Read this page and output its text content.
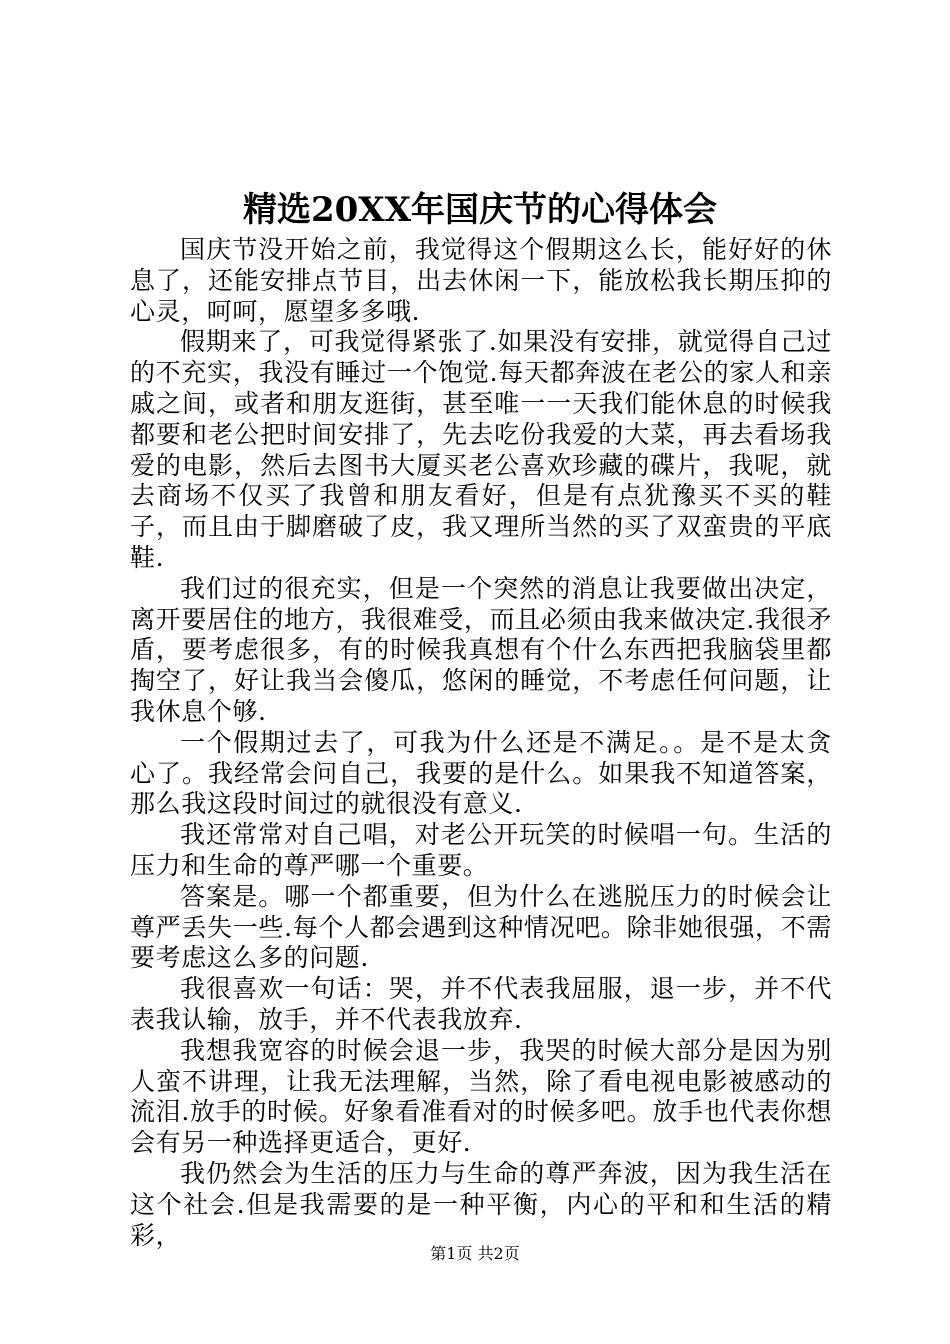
精选20XX年国庆节的心得体会

国庆节没开始之前，我觉得这个假期这么长，能好好的休息了，还能安排点节目，出去休闲一下，能放松我长期压抑的心灵，呵呵，愿望多多哦.

假期来了，可我觉得紧张了.如果没有安排，就觉得自己过的不充实，我没有睡过一个饱觉.每天都奔波在老公的家人和亲戚之间，或者和朋友逛街，甚至唯一一天我们能休息的时候我都要和老公把时间安排了，先去吃份我爱的大菜，再去看场我爱的电影，然后去图书大厦买老公喜欢珍藏的碟片，我呢，就去商场不仅买了我曾和朋友看好，但是有点犹豫买不买的鞋子，而且由于脚磨破了皮，我又理所当然的买了双蛮贵的平底鞋.

我们过的很充实，但是一个突然的消息让我要做出决定，离开要居住的地方，我很难受，而且必须由我来做决定.我很矛盾，要考虑很多，有的时候我真想有个什么东西把我脑袋里都掏空了，好让我当会傻瓜，悠闲的睡觉，不考虑任何问题，让我休息个够.

一个假期过去了，可我为什么还是不满足。。是不是太贪心了。我经常会问自己，我要的是什么。如果我不知道答案，那么我这段时间过的就很没有意义.

我还常常对自己唱，对老公开玩笑的时候唱一句。生活的压力和生命的尊严哪一个重要。

答案是。哪一个都重要，但为什么在逃脱压力的时候会让尊严丢失一些.每个人都会遇到这种情况吧。除非她很强，不需要考虑这么多的问题.

我很喜欢一句话：哭，并不代表我屈服，退一步，并不代表我认输，放手，并不代表我放弃.

我想我宽容的时候会退一步，我哭的时候大部分是因为别人蛮不讲理，让我无法理解，当然，除了看电视电影被感动的流泪.放手的时候。好象看准看对的时候多吧。放手也代表你想会有另一种选择更适合，更好.

我仍然会为生活的压力与生命的尊严奔波，因为我生活在这个社会.但是我需要的是一种平衡，内心的平和和生活的精彩，

第1页 共2页
